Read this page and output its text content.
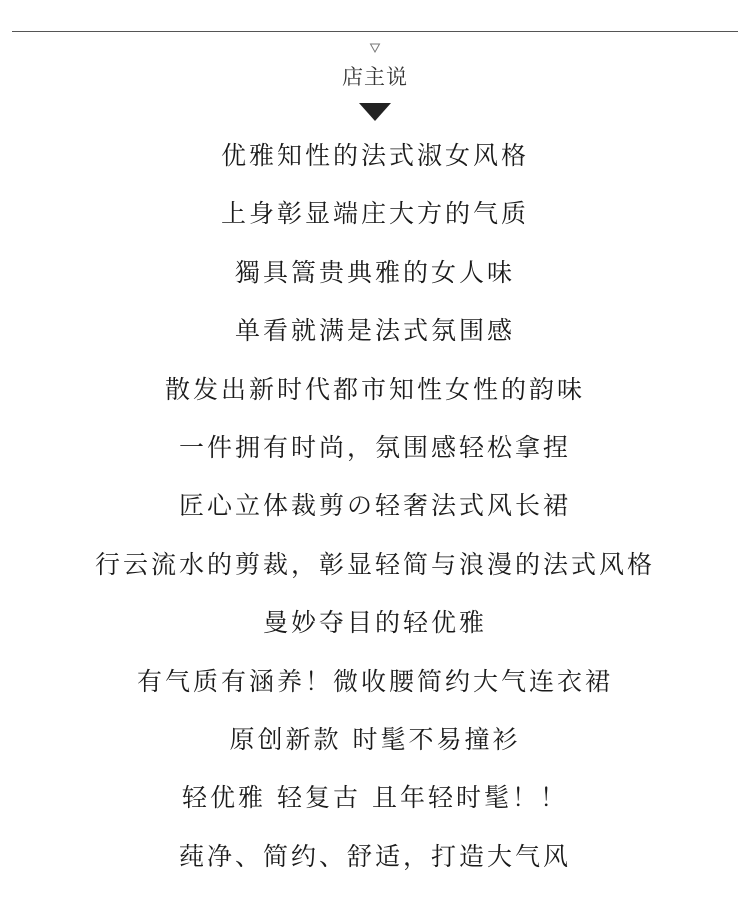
店主说
优雅知性的法式淑女风格
上身彰显端庄大方的气质
獨具篙贵典雅的女人味
单看就满是法式氛围感
散发出新时代都市知性女性的韵味
一件拥有时尚，氛围感轻松拿捏
匠心立体裁剪の轻奢法式风长裙
行云流水的剪裁，彰显轻简与浪漫的法式风格
曼妙夺目的轻优雅
有气质有涵养！微收腰简约大气连衣裙
原创新款 时髦不易撞衫
轻优雅 轻复古 且年轻时髦！！
莼净、简约、舒适，打造大气风
